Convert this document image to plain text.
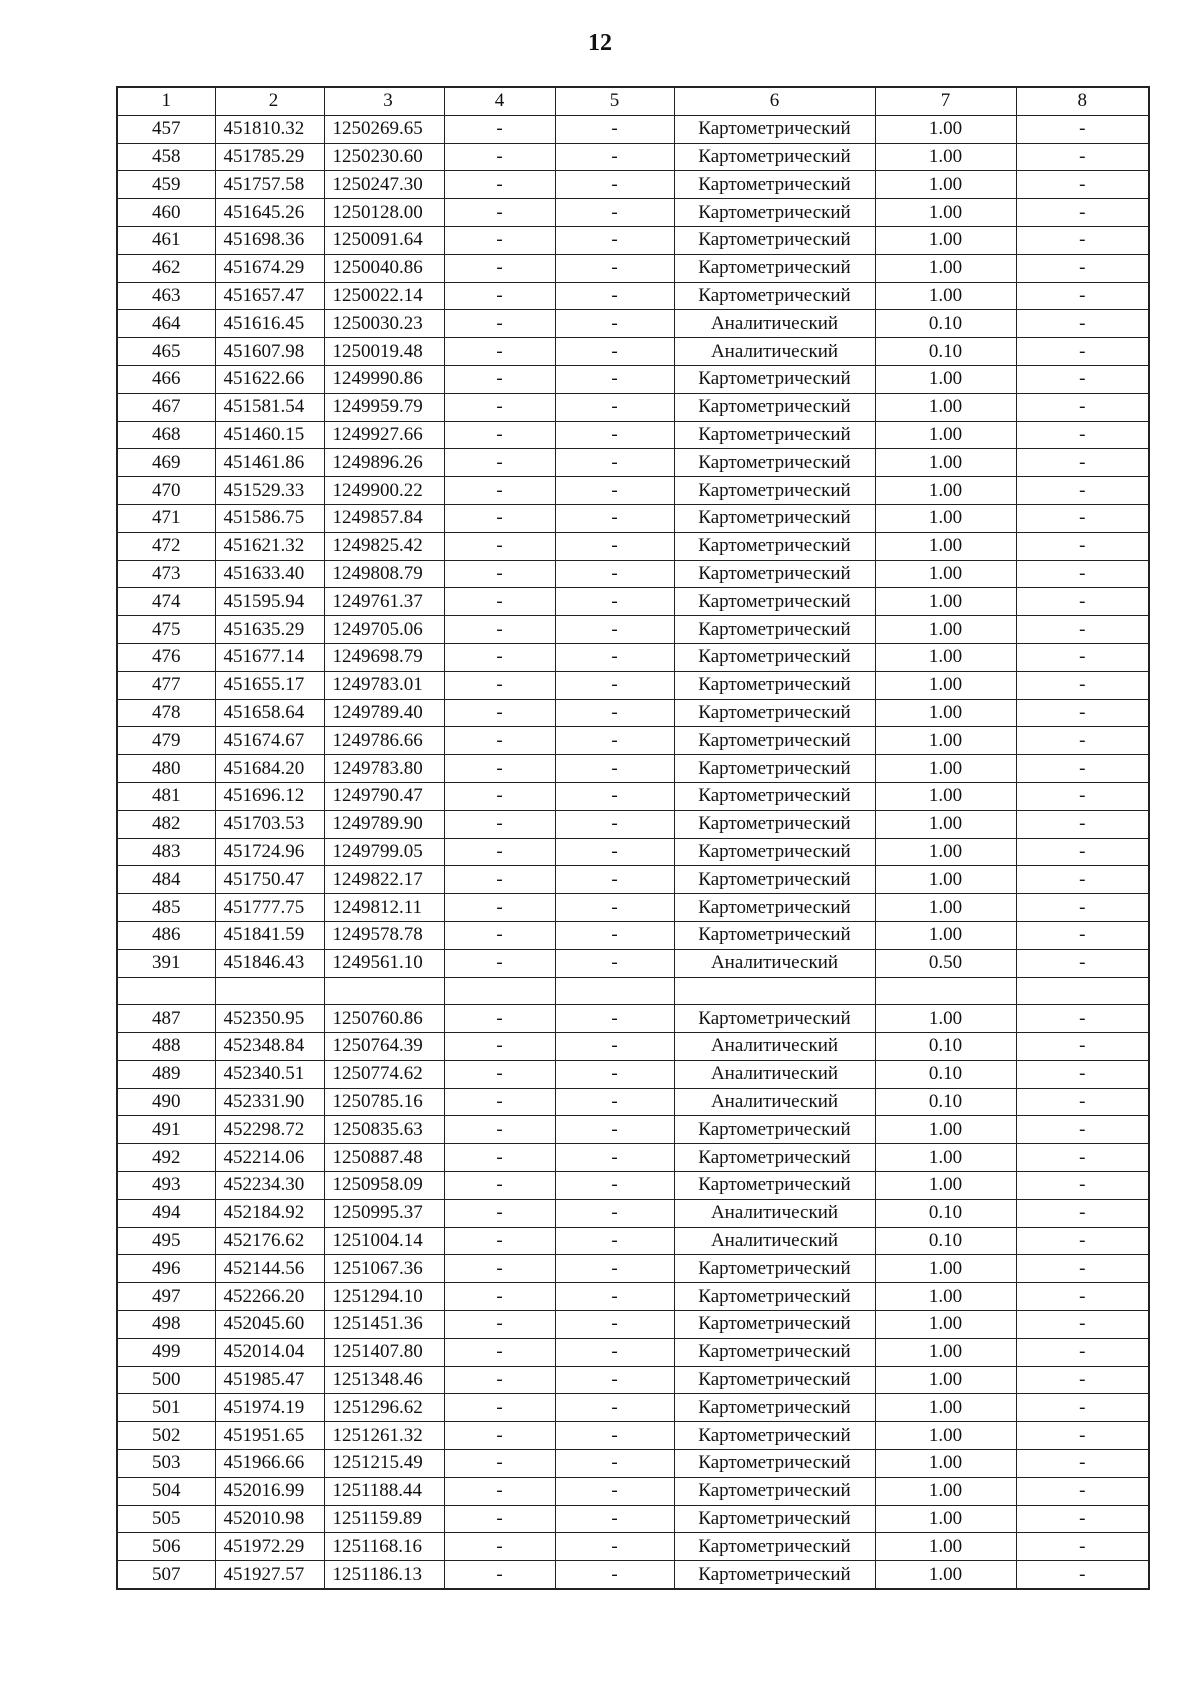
12
1	2	3	4	5	6	7	8
457	451810.32	1250269.65	-	-	Картометрический	1.00	-
458	451785.29	1250230.60	-	-	Картометрический	1.00	-
459	451757.58	1250247.30	-	-	Картометрический	1.00	-
460	451645.26	1250128.00	-	-	Картометрический	1.00	-
461	451698.36	1250091.64	-	-	Картометрический	1.00	-
462	451674.29	1250040.86	-	-	Картометрический	1.00	-
463	451657.47	1250022.14	-	-	Картометрический	1.00	-
464	451616.45	1250030.23	-	-	Аналитический	0.10	-
465	451607.98	1250019.48	-	-	Аналитический	0.10	-
466	451622.66	1249990.86	-	-	Картометрический	1.00	-
467	451581.54	1249959.79	-	-	Картометрический	1.00	-
468	451460.15	1249927.66	-	-	Картометрический	1.00	-
469	451461.86	1249896.26	-	-	Картометрический	1.00	-
470	451529.33	1249900.22	-	-	Картометрический	1.00	-
471	451586.75	1249857.84	-	-	Картометрический	1.00	-
472	451621.32	1249825.42	-	-	Картометрический	1.00	-
473	451633.40	1249808.79	-	-	Картометрический	1.00	-
474	451595.94	1249761.37	-	-	Картометрический	1.00	-
475	451635.29	1249705.06	-	-	Картометрический	1.00	-
476	451677.14	1249698.79	-	-	Картометрический	1.00	-
477	451655.17	1249783.01	-	-	Картометрический	1.00	-
478	451658.64	1249789.40	-	-	Картометрический	1.00	-
479	451674.67	1249786.66	-	-	Картометрический	1.00	-
480	451684.20	1249783.80	-	-	Картометрический	1.00	-
481	451696.12	1249790.47	-	-	Картометрический	1.00	-
482	451703.53	1249789.90	-	-	Картометрический	1.00	-
483	451724.96	1249799.05	-	-	Картометрический	1.00	-
484	451750.47	1249822.17	-	-	Картометрический	1.00	-
485	451777.75	1249812.11	-	-	Картометрический	1.00	-
486	451841.59	1249578.78	-	-	Картометрический	1.00	-
391	451846.43	1249561.10	-	-	Аналитический	0.50	-

487	452350.95	1250760.86	-	-	Картометрический	1.00	-
488	452348.84	1250764.39	-	-	Аналитический	0.10	-
489	452340.51	1250774.62	-	-	Аналитический	0.10	-
490	452331.90	1250785.16	-	-	Аналитический	0.10	-
491	452298.72	1250835.63	-	-	Картометрический	1.00	-
492	452214.06	1250887.48	-	-	Картометрический	1.00	-
493	452234.30	1250958.09	-	-	Картометрический	1.00	-
494	452184.92	1250995.37	-	-	Аналитический	0.10	-
495	452176.62	1251004.14	-	-	Аналитический	0.10	-
496	452144.56	1251067.36	-	-	Картометрический	1.00	-
497	452266.20	1251294.10	-	-	Картометрический	1.00	-
498	452045.60	1251451.36	-	-	Картометрический	1.00	-
499	452014.04	1251407.80	-	-	Картометрический	1.00	-
500	451985.47	1251348.46	-	-	Картометрический	1.00	-
501	451974.19	1251296.62	-	-	Картометрический	1.00	-
502	451951.65	1251261.32	-	-	Картометрический	1.00	-
503	451966.66	1251215.49	-	-	Картометрический	1.00	-
504	452016.99	1251188.44	-	-	Картометрический	1.00	-
505	452010.98	1251159.89	-	-	Картометрический	1.00	-
506	451972.29	1251168.16	-	-	Картометрический	1.00	-
507	451927.57	1251186.13	-	-	Картометрический	1.00	-
